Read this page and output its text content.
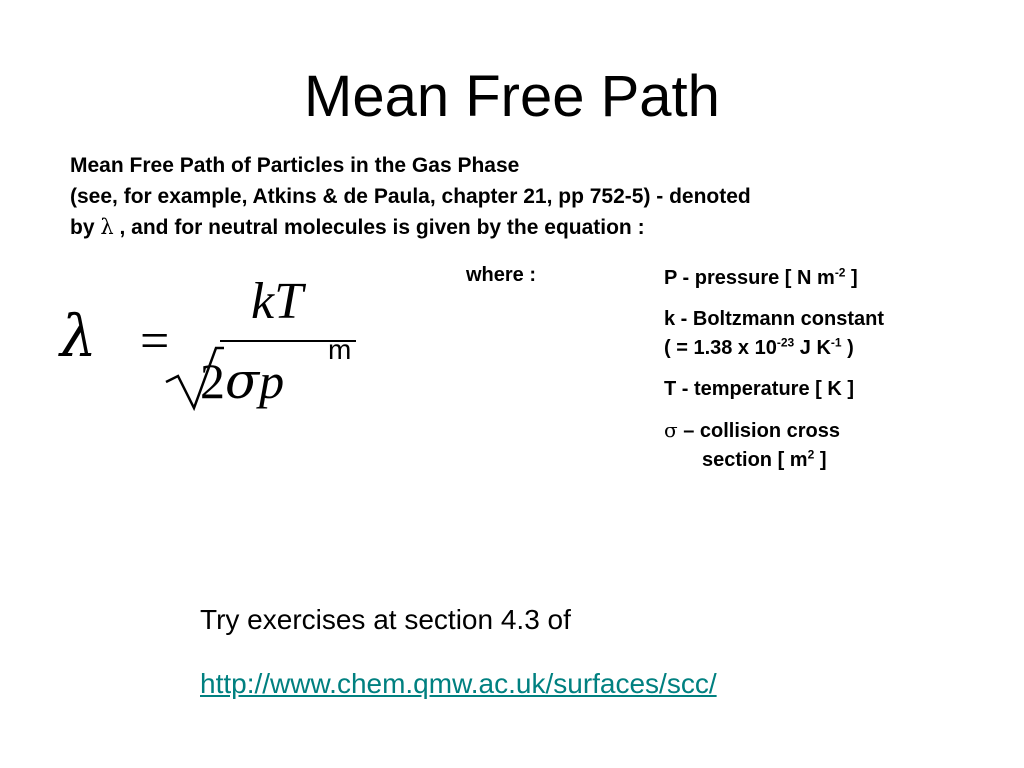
Mean Free Path
Mean Free Path of Particles in the Gas Phase
(see, for example, Atkins & de Paula, chapter 21, pp 752-5) - denoted
by λ , and for neutral molecules is given by the equation :
λ =
kT
2σp
m
where :	P - pressure [ N $m^{-2}$ ]
k - Boltzmann constant
( = 1.38 x $10^{-23}$ J $K^{-1}$ )
T - temperature [ K ]
σ – collision cross
section [ $m^2$ ]
Try exercises at section 4.3 of
http://www.chem.qmw.ac.uk/surfaces/scc/
